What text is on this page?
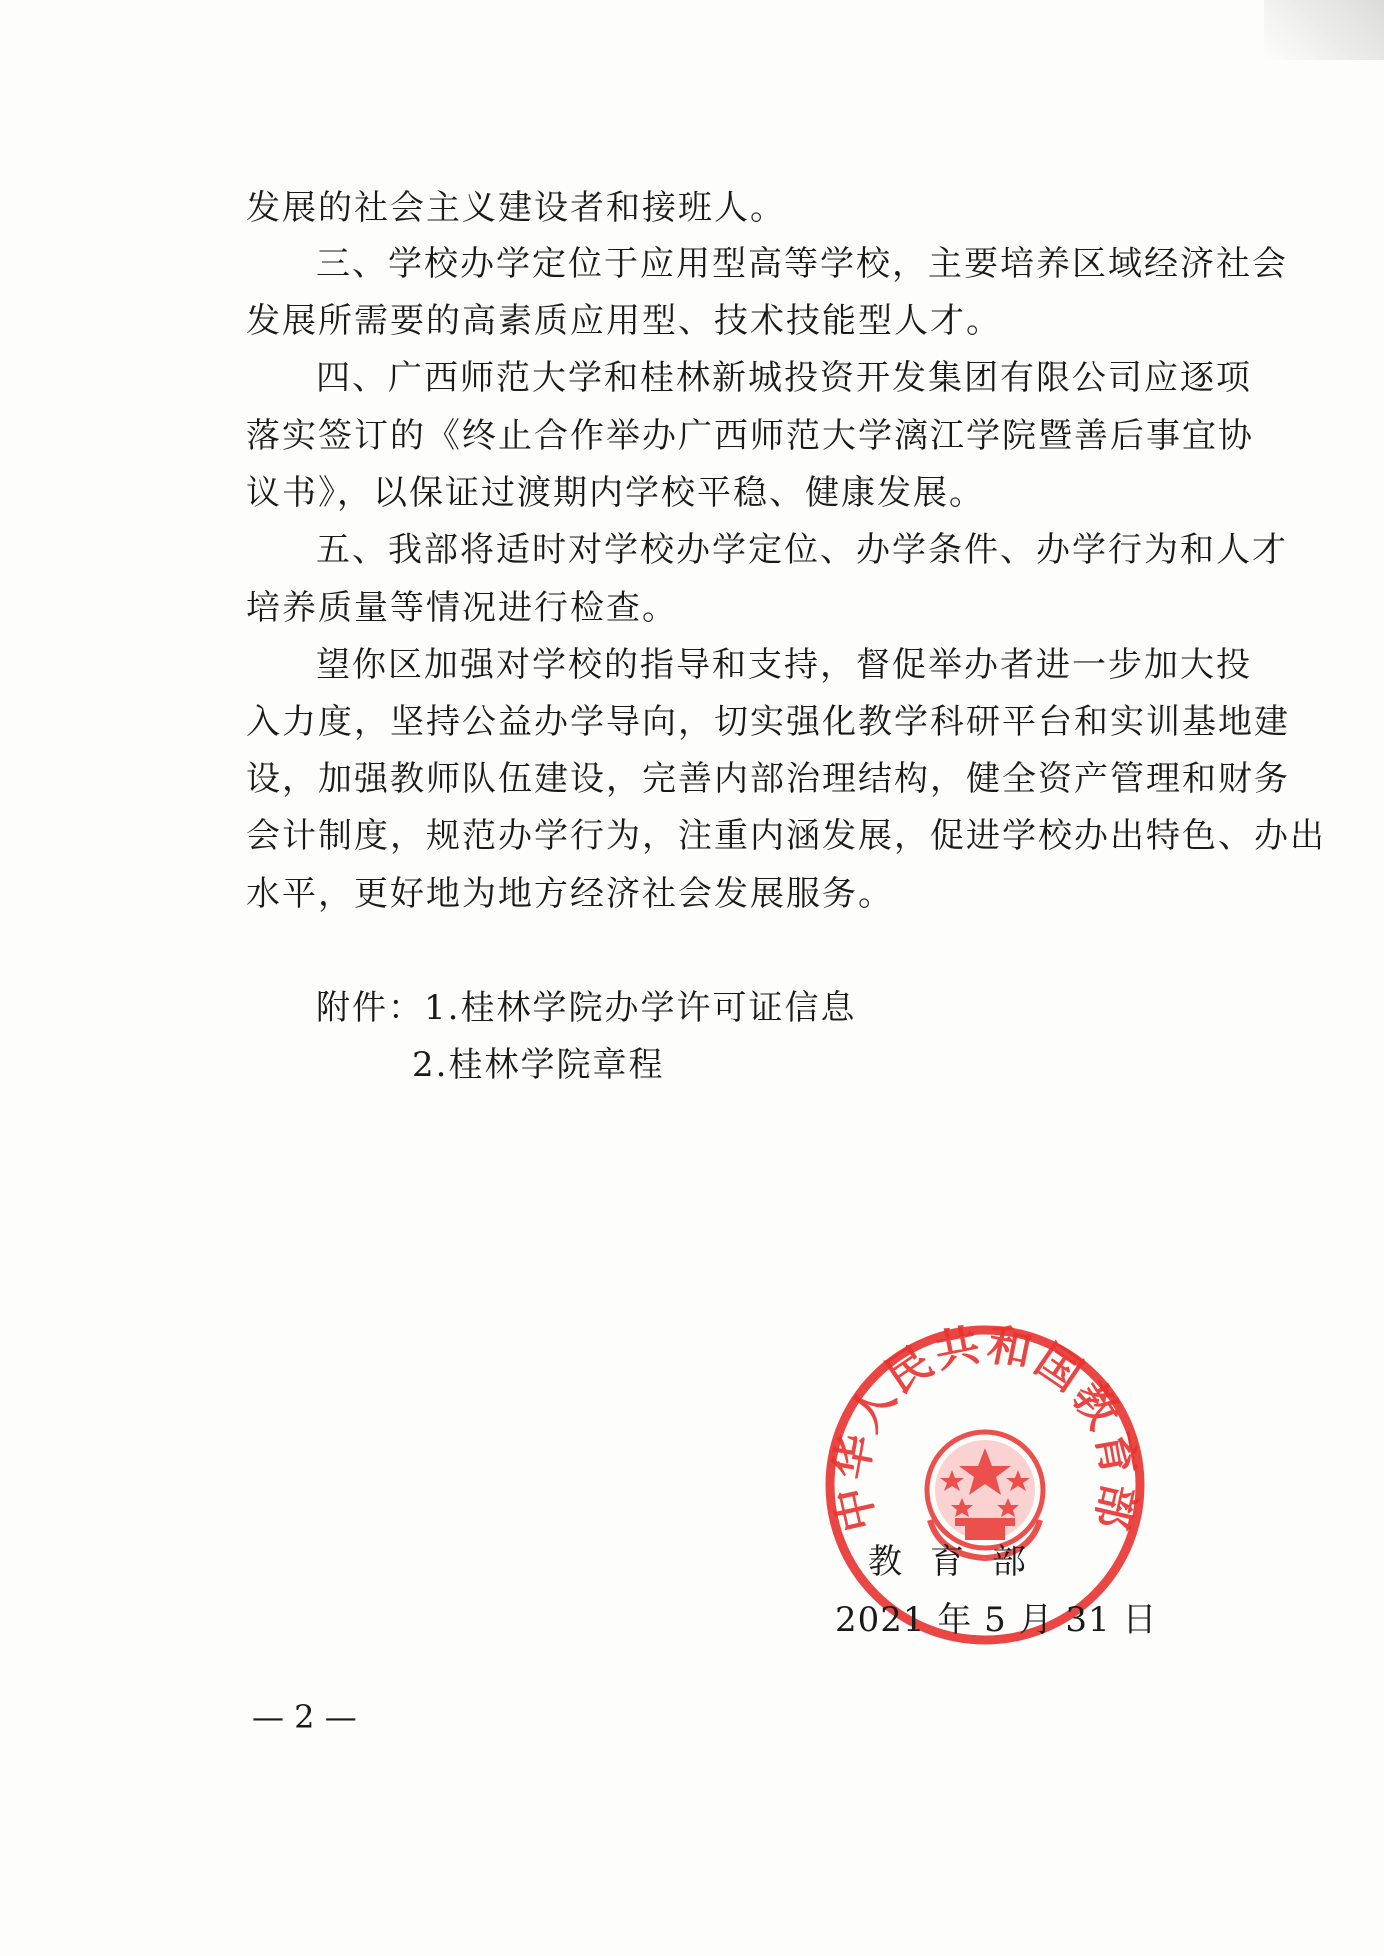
发展的社会主义建设者和接班人。
三、学校办学定位于应用型高等学校，主要培养区域经济社会
发展所需要的高素质应用型、技术技能型人才。
四、广西师范大学和桂林新城投资开发集团有限公司应逐项
落实签订的《终止合作举办广西师范大学漓江学院暨善后事宜协
议书》，以保证过渡期内学校平稳、健康发展。
五、我部将适时对学校办学定位、办学条件、办学行为和人才
培养质量等情况进行检查。
望你区加强对学校的指导和支持，督促举办者进一步加大投
入力度，坚持公益办学导向，切实强化教学科研平台和实训基地建
设，加强教师队伍建设，完善内部治理结构，健全资产管理和财务
会计制度，规范办学行为，注重内涵发展，促进学校办出特色、办出
水平，更好地为地方经济社会发展服务。
附件：1.桂林学院办学许可证信息
2.桂林学院章程
中华人民共和国教育部
教育部
2021 年 5 月 31 日
— 2 —
